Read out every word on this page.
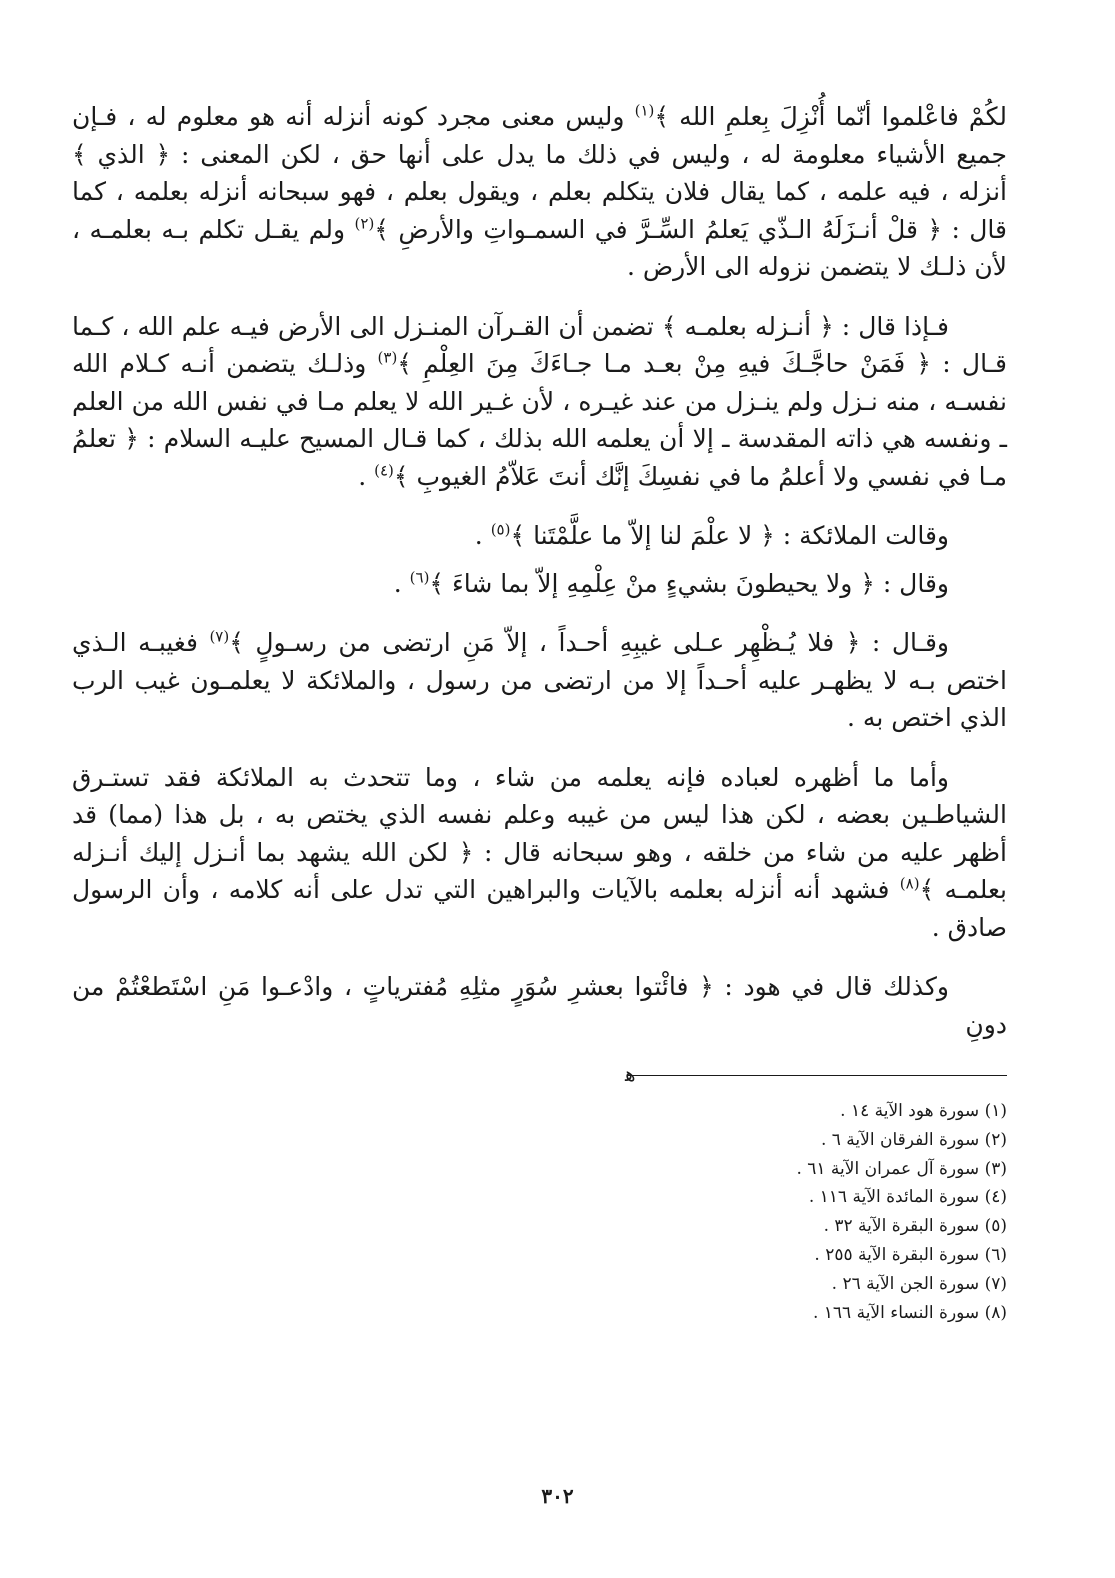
لكُمْ فاعْلموا أنّما أُنْزِلَ بِعلمِ الله ﴾$^{(١)}$ وليس معنى مجرد كونه أنزله أنه هو معلوم له ، فـإن جميع الأشياء معلومة له ، وليس في ذلك ما يدل على أنها حق ، لكن المعنى : ﴿ الذي ﴾ أنزله ، فيه علمه ، كما يقال فلان يتكلم بعلم ، ويقول بعلم ، فهو سبحانه أنزله بعلمه ، كما قال : ﴿ قلْ أنـزَلَهُ الـذّي يَعلمُ السِّـرَّ في السمـواتِ والأرضِ ﴾$^{(٢)}$ ولم يقـل تكلم بـه بعلمـه ، لأن ذلـك لا يتضمن نزوله الى الأرض .

فـإذا قال : ﴿ أنـزله بعلمـه ﴾ تضمن أن القـرآن المنـزل الى الأرض فيـه علم الله ، كـما قـال : ﴿ فَمَنْ حاجَّـكَ فيهِ مِنْ بعـد مـا جـاءَكَ مِنَ العِلْمِ ﴾$^{(٣)}$ وذلـك يتضمن أنـه كـلام الله نفسـه ، منه نـزل ولم ينـزل من عند غيـره ، لأن غـير الله لا يعلم مـا في نفس الله من العلم ـ ونفسه هي ذاته المقدسة ـ إلا أن يعلمه الله بذلك ، كما قـال المسيح عليـه السلام : ﴿ تعلمُ مـا في نفسي ولا أعلمُ ما في نفسِكَ إنَّك أنتَ عَلاّمُ الغيوبِ ﴾$^{(٤)}$ .

وقالت الملائكة : ﴿ لا علْمَ لنا إلاّ ما علَّمْتَنا ﴾$^{(٥)}$ .

وقال : ﴿ ولا يحيطونَ بشيءٍ منْ عِلْمِهِ إلاّ بما شاءَ ﴾$^{(٦)}$ .

وقـال : ﴿ فلا يُـظْهِر عـلى غيبِهِ أحـداً ، إلاّ مَنِ ارتضى من رسـولٍ ﴾$^{(٧)}$ فغيبـه الـذي اختص بـه لا يظهـر عليه أحـداً إلا من ارتضى من رسول ، والملائكة لا يعلمـون غيب الرب الذي اختص به .

وأما ما أظهره لعباده فإنه يعلمه من شاء ، وما تتحدث به الملائكة فقد تستـرق الشياطـين بعضه ، لكن هذا ليس من غيبه وعلم نفسه الذي يختص به ، بل هذا (مما) قد أظهر عليه من شاء من خلقه ، وهو سبحانه قال : ﴿ لكن الله يشهد بما أنـزل إليك أنـزله بعلمـه ﴾$^{(٨)}$ فشهد أنه أنزله بعلمه بالآيات والبراهين التي تدل على أنه كلامه ، وأن الرسول صادق .

وكذلك قال في هود : ﴿ فائْتوا بعشرِ سُوَرٍ مثلِهِ مُفترياتٍ ، وادْعـوا مَنِ اسْتَطعْتُمْ من دونِ

ﻫ
(١) سورة هود الآية ١٤ .
(٢) سورة الفرقان الآية ٦ .
(٣) سورة آل عمران الآية ٦١ .
(٤) سورة المائدة الآية ١١٦ .
(٥) سورة البقرة الآية ٣٢ .
(٦) سورة البقرة الآية ٢٥٥ .
(٧) سورة الجن الآية ٢٦ .
(٨) سورة النساء الآية ١٦٦ .
٣٠٢
